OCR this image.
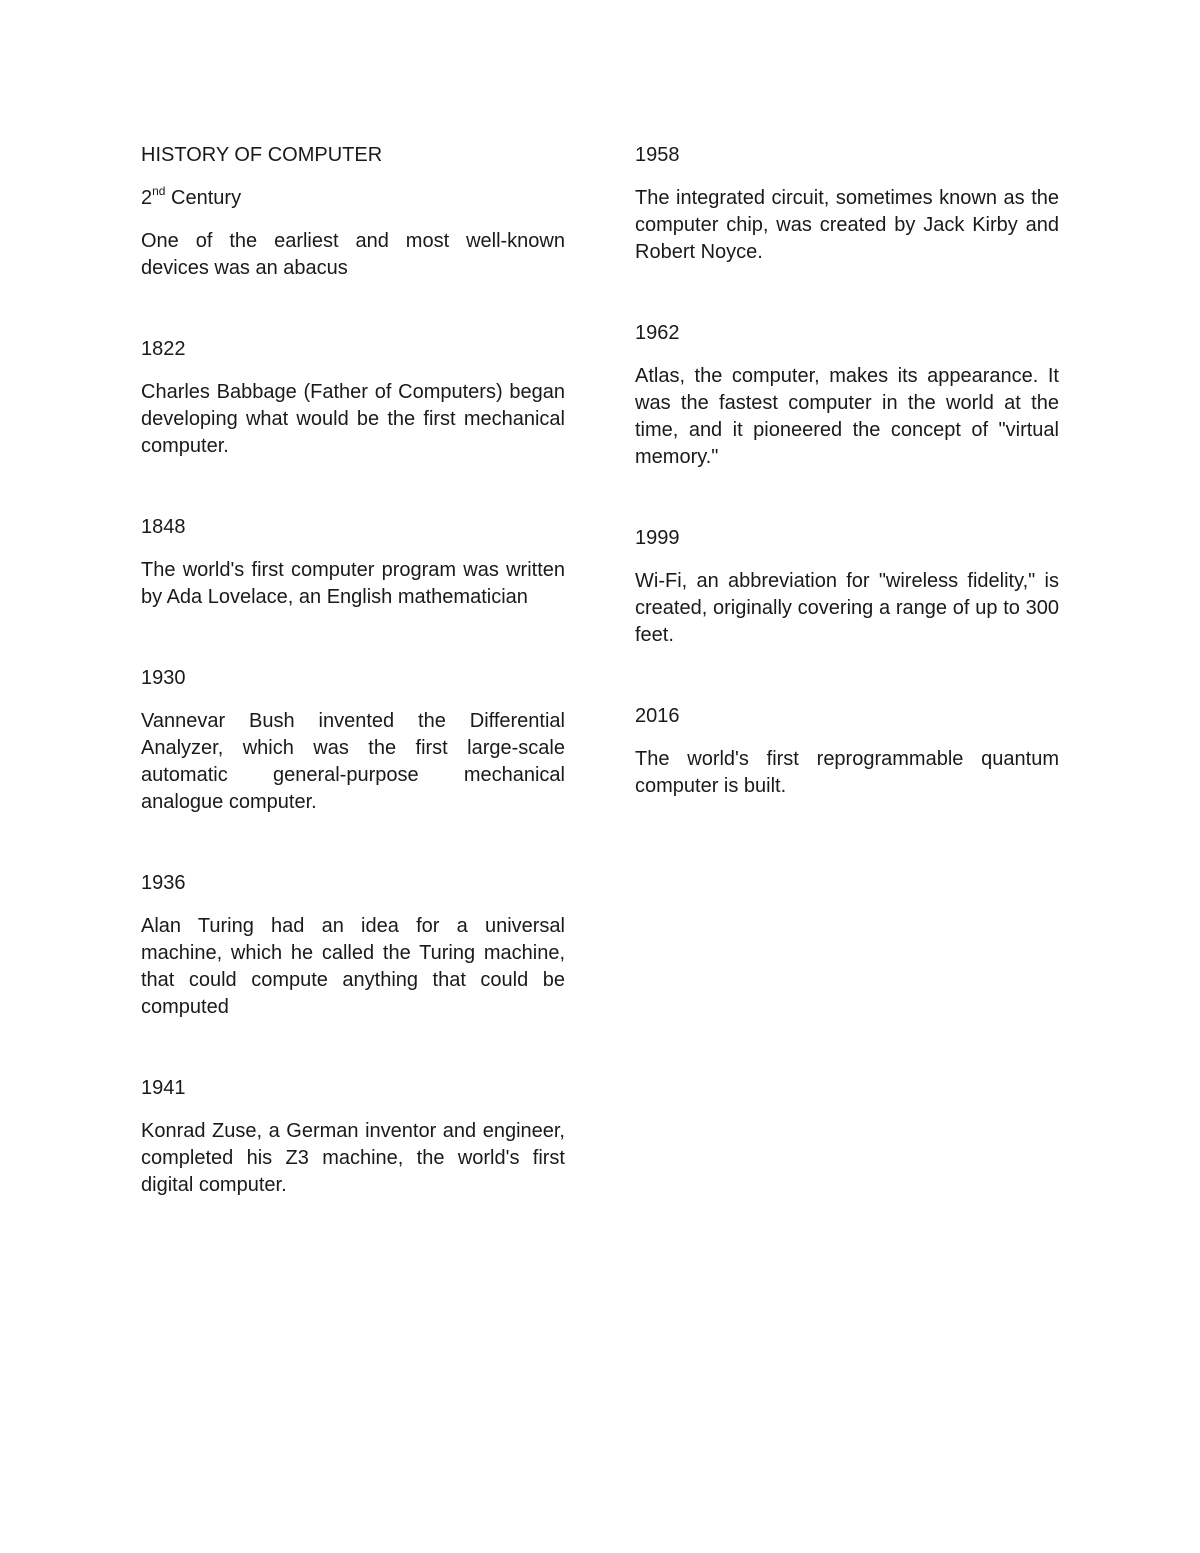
HISTORY OF COMPUTER

2nd Century

One of the earliest and most well-known devices was an abacus

1822

Charles Babbage (Father of Computers) began developing what would be the first mechanical computer.

1848

The world's first computer program was written by Ada Lovelace, an English mathematician

1930

Vannevar Bush invented the Differential Analyzer, which was the first large-scale automatic general-purpose mechanical analogue computer.

1936

Alan Turing had an idea for a universal machine, which he called the Turing machine, that could compute anything that could be computed

1941

Konrad Zuse, a German inventor and engineer, completed his Z3 machine, the world's first digital computer.

1958

The integrated circuit, sometimes known as the computer chip, was created by Jack Kirby and Robert Noyce.

1962

Atlas, the computer, makes its appearance. It was the fastest computer in the world at the time, and it pioneered the concept of "virtual memory."

1999

Wi-Fi, an abbreviation for "wireless fidelity," is created, originally covering a range of up to 300 feet.

2016

The world's first reprogrammable quantum computer is built.
